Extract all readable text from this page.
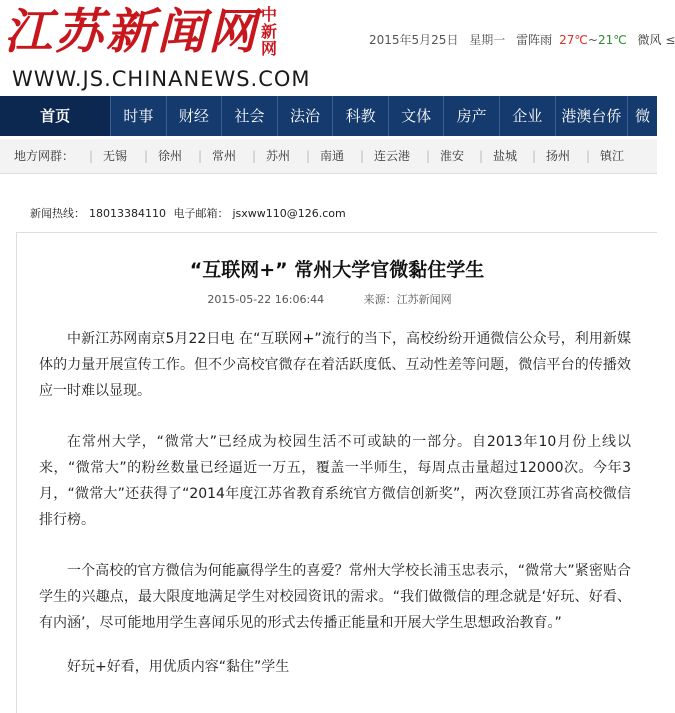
江苏新闻网 中新网
WWW.JS.CHINANEWS.COM
2015年5月25日 星期一 雷阵雨 27℃~21℃ 微风 ≤
首页	时事	财经	社会	法治	科教	文体	房产	企业	港澳台侨 微
地方网群： 无锡
|	徐州
|	常州
|	苏州
|	南通
|	连云港
|	淮安
|	盐城
|	扬州
|	镇江
|
新闻热线： 18013384110 电子邮箱： jsxww110@126.com
“互联网+” 常州大学官微黏住学生
2015-05-22 16:06:44	来源：江苏新闻网
中新江苏网南京5月22日电 在“互联网+”流行的当下，高校纷纷开通微信公众号，利用新媒体的力量开展宣传工作。但不少高校官微存在着活跃度低、互动性差等问题，微信平台的传播效应一时难以显现。
在常州大学，“微常大”已经成为校园生活不可或缺的一部分。自2013年10月份上线以来，“微常大”的粉丝数量已经逼近一万五，覆盖一半师生，每周点击量超过12000次。今年3月，“微常大”还获得了“2014年度江苏省教育系统官方微信创新奖”，两次登顶江苏省高校微信排行榜。
一个高校的官方微信为何能赢得学生的喜爱？常州大学校长浦玉忠表示，“微常大”紧密贴合学生的兴趣点，最大限度地满足学生对校园资讯的需求。“我们做微信的理念就是‘好玩、好看、有内涵’，尽可能地用学生喜闻乐见的形式去传播正能量和开展大学生思想政治教育。”
好玩+好看，用优质内容“黏住”学生
